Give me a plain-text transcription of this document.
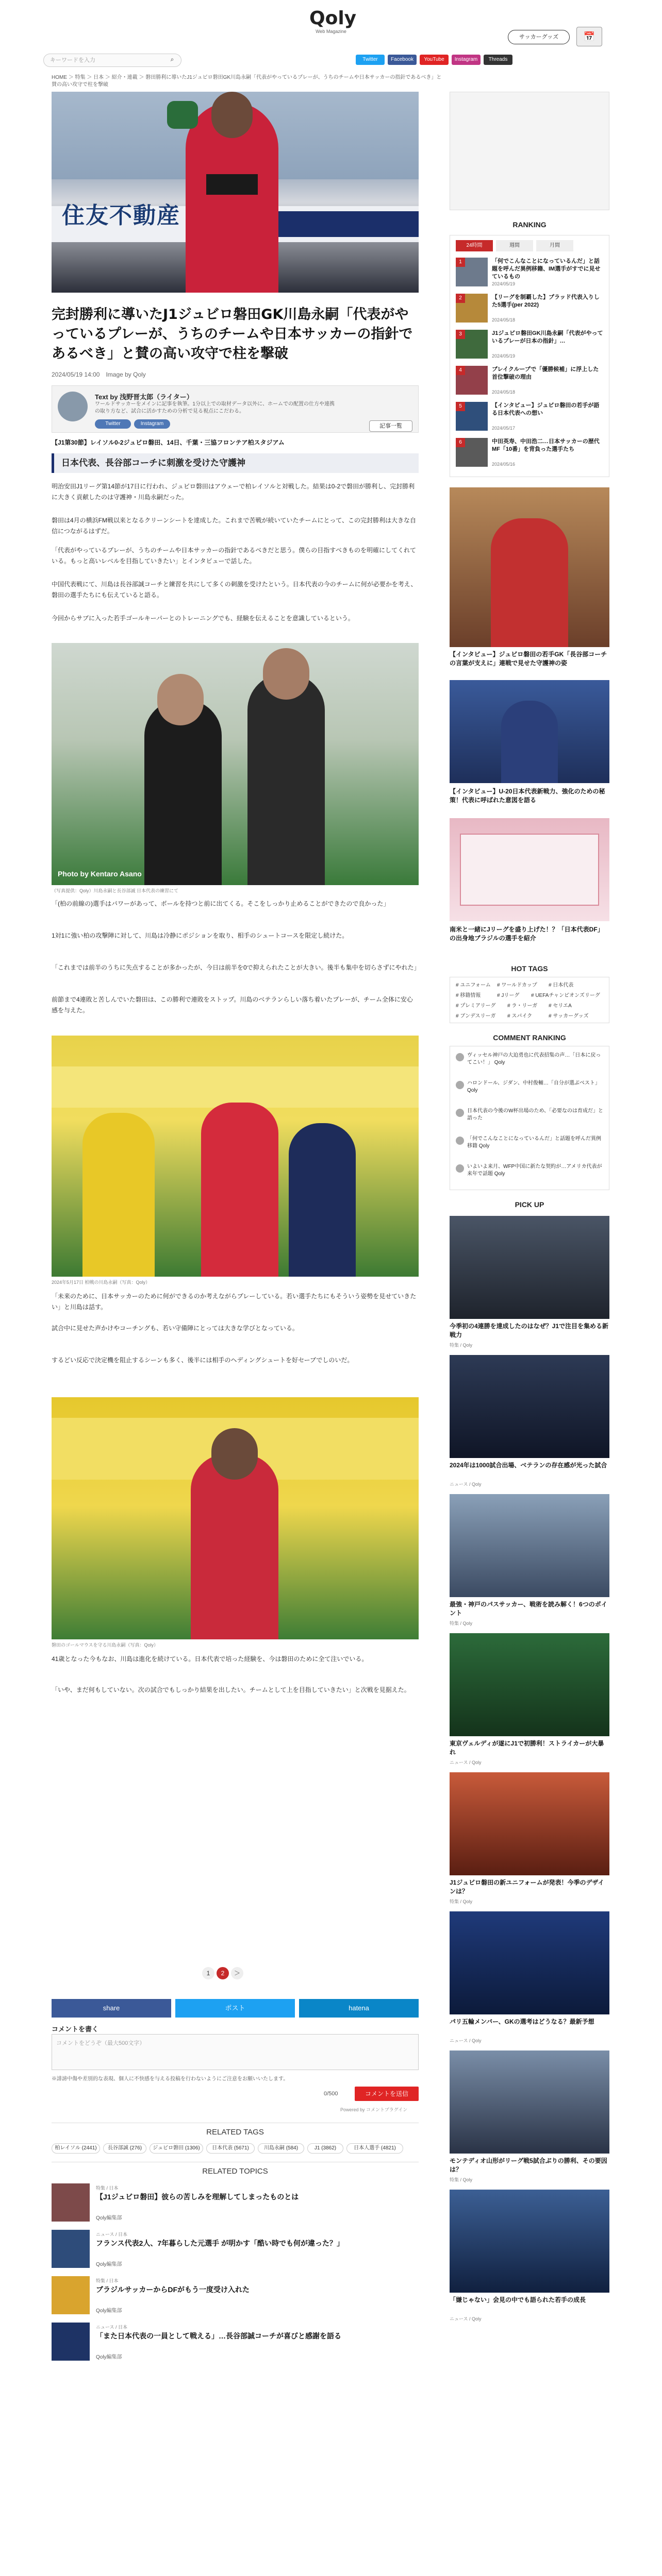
Qoly
Web Magazine
サッカーグッズ	📅
キーワードを入力	⌕	Twitter	Facebook	YouTube	Instagram	Threads
HOME ＞ 特集 ＞ 日本 ＞ 紹介・連載 ＞ 磐田勝利に導いたJ1ジュビロ磐田GK川島永嗣「代表がやっているプレーが、うちのチームや日本サッカーの指針であるべき」と賛の高い攻守で柱を撃破
住友不動産
完封勝利に導いたJ1ジュビロ磐田GK川島永嗣「代表がやっているプレーが、うちのチームや日本サッカーの指針であるべき」と賛の高い攻守で柱を撃破
2024/05/19 14:00　 Image by Qoly
Text by 浅野晋太郎（ライター）
ワールドサッカーをメインに記事を執筆。1分以上での取材データ以外に、ホームでの配置の仕方や連携の取り方など、試合に活かすための分析で見る視点にこだわる。
Twitter	Instagram	記事一覧
【J1第30節】レイソル0-2ジュビロ磐田、14日、千葉・三協フロンテア柏スタジアム
日本代表、長谷部コーチに刺激を受けた守護神
明治安田J1リーグ第14節が17日に行われ、ジュビロ磐田はアウェーで柏レイソルと対戦した。結果は0-2で磐田が勝利し、完封勝利に大きく貢献したのは守護神・川島永嗣だった。
磐田は4月の横浜FM戦以来となるクリーンシートを達成した。これまで苦戦が続いていたチームにとって、この完封勝利は大きな自信につながるはずだ。
「代表がやっているプレーが、うちのチームや日本サッカーの指針であるべきだと思う。僕らの目指すべきものを明確にしてくれている。もっと高いレベルを目指していきたい」とインタビューで話した。
中国代表戦にて、川島は長谷部誠コーチと練習を共にして多くの刺激を受けたという。日本代表の今のチームに何が必要かを考え、磐田の選手たちにも伝えていると語る。
今回からサブに入った若手ゴールキーパーとのトレーニングでも、経験を伝えることを意識しているという。
Photo by Kentaro Asano
（写真提供：Qoly）川島永嗣と長谷部誠 日本代表の練習にて
「(柏の前線の)選手はパワーがあって、ボールを持つと前に出てくる。そこをしっかり止めることができたので良かった」
1対1に強い柏の攻撃陣に対して、川島は冷静にポジションを取り、相手のシュートコースを限定し続けた。
「これまでは前半のうちに失点することが多かったが、今日は前半を0で抑えられたことが大きい。後半も集中を切らさずにやれた」
前節まで4連敗と苦しんでいた磐田は、この勝利で連敗をストップ。川島のベテランらしい落ち着いたプレーが、チーム全体に安心感を与えた。
2024年5月17日 柏戦の川島永嗣（写真：Qoly）
「未来のために、日本サッカーのために何ができるのか考えながらプレーしている。若い選手たちにもそういう姿勢を見せていきたい」と川島は話す。
試合中に見せた声かけやコーチングも、若い守備陣にとっては大きな学びとなっている。
するどい反応で決定機を阻止するシーンも多く、後半には相手のヘディングシュートを好セーブでしのいだ。
磐田のゴールマウスを守る川島永嗣（写真：Qoly）
41歳となった今もなお、川島は進化を続けている。日本代表で培った経験を、今は磐田のために全て注いでいる。
「いや、まだ何もしていない。次の試合でもしっかり結果を出したい。チームとして上を目指していきたい」と次戦を見据えた。
1	2	＞
share	ポスト	hatena
コメントを書く
コメントをどうぞ（最大500文字）
※誹謗中傷や差別的な表現、個人に不快感を与える投稿を行わないようにご注意をお願いいたします。
0/500	コメントを送信
Powered by コメントプラグイン
RELATED TAGS
柏レイソル (2441)	長谷部誠 (276)	ジュビロ磐田 (1306)	日本代表 (5671)	川島永嗣 (584)	J1 (3862)	日本人選手 (4821)
RELATED TOPICS
特集 / 日本
【J1ジュビロ磐田】彼らの苦しみを理解してしまったものとは
Qoly編集部
ニュース / 日本
フランス代表2人、7年暮らした元選手 が明かす「酷い時でも何が違った？」
Qoly編集部
特集 / 日本
ブラジルサッカーからDFがもう一度受け入れた
Qoly編集部
ニュース / 日本
「また日本代表の一員として戦える」…長谷部誠コーチが喜びと感謝を語る
Qoly編集部
RANKING
24時間	週間	月間
1	「何でこんなことになっているんだ」と話題を呼んだ異例移籍、IM選手がすでに見せているもの
2024/05/19
2	【リーグを制覇した】プラッド代表入りした5選手(per 2022)
2024/05/18
3	J1ジュビロ磐田GK川島永嗣「代表がやっているプレーが日本の指針」…
2024/05/19
4	ブレイクループで「優勝候補」に浮上した首位撃破の理由
2024/05/18
5	【インタビュー】ジュビロ磐田の若手が語る日本代表への想い
2024/05/17
6	中田英寿、中田浩二…日本サッカーの歴代MF「10番」を背負った選手たち
2024/05/16
【インタビュー】ジュビロ磐田の若手GK「長谷部コーチの言葉が支えに」連戦で見せた守護神の姿
【インタビュー】U-20日本代表新戦力、強化のための秘策！代表に呼ばれた意図を語る
南米と一緒にJリーグを盛り上げた！？「日本代表DF」の出身地ブラジルの選手を紹介
HOT TAGS
# ユニフォーム # ワールドカップ # 日本代表
# 移籍情報	# Jリーグ # UEFAチャンピオンズリーグ
# プレミアリーグ # ラ・リーガ # セリエA
# ブンデスリーガ # スパイク	# サッカーグッズ
COMMENT RANKING
ヴィッセル神戸の大迫勇也に代表招集の声…「日本に戻ってこい！」 Qoly
ハロンドール、ジダン、中村俊輔…「自分が選ぶベスト」 Qoly
日本代表の今後のW杯出場のため、「必要なのは育成だ」と語った
「何でこんなことになっているんだ」と話題を呼んだ異例移籍 Qoly
いよいよ来月、WFP中国に新たな契約が…アメリカ代表が来年で話題 Qoly
PICK UP
今季初の4連勝を達成したのはなぜ？J1で注目を集める新戦力
特集 / Qoly
2024年は1000試合出場、ベテランの存在感が光った試合
ニュース / Qoly
最強・神戸のパスサッカー、戦術を読み解く！6つのポイント
特集 / Qoly
東京ヴェルディが遂にJ1で初勝利！ストライカーが大暴れ
ニュース / Qoly
J1ジュビロ磐田の新ユニフォームが発表！今季のデザインは？
特集 / Qoly
パリ五輪メンバー、GKの選考はどうなる？最新予想
ニュース / Qoly
モンテディオ山形がリーグ戦5試合ぶりの勝利、その要因は？
特集 / Qoly
「嫌じゃない」会見の中でも語られた若手の成長
ニュース / Qoly
